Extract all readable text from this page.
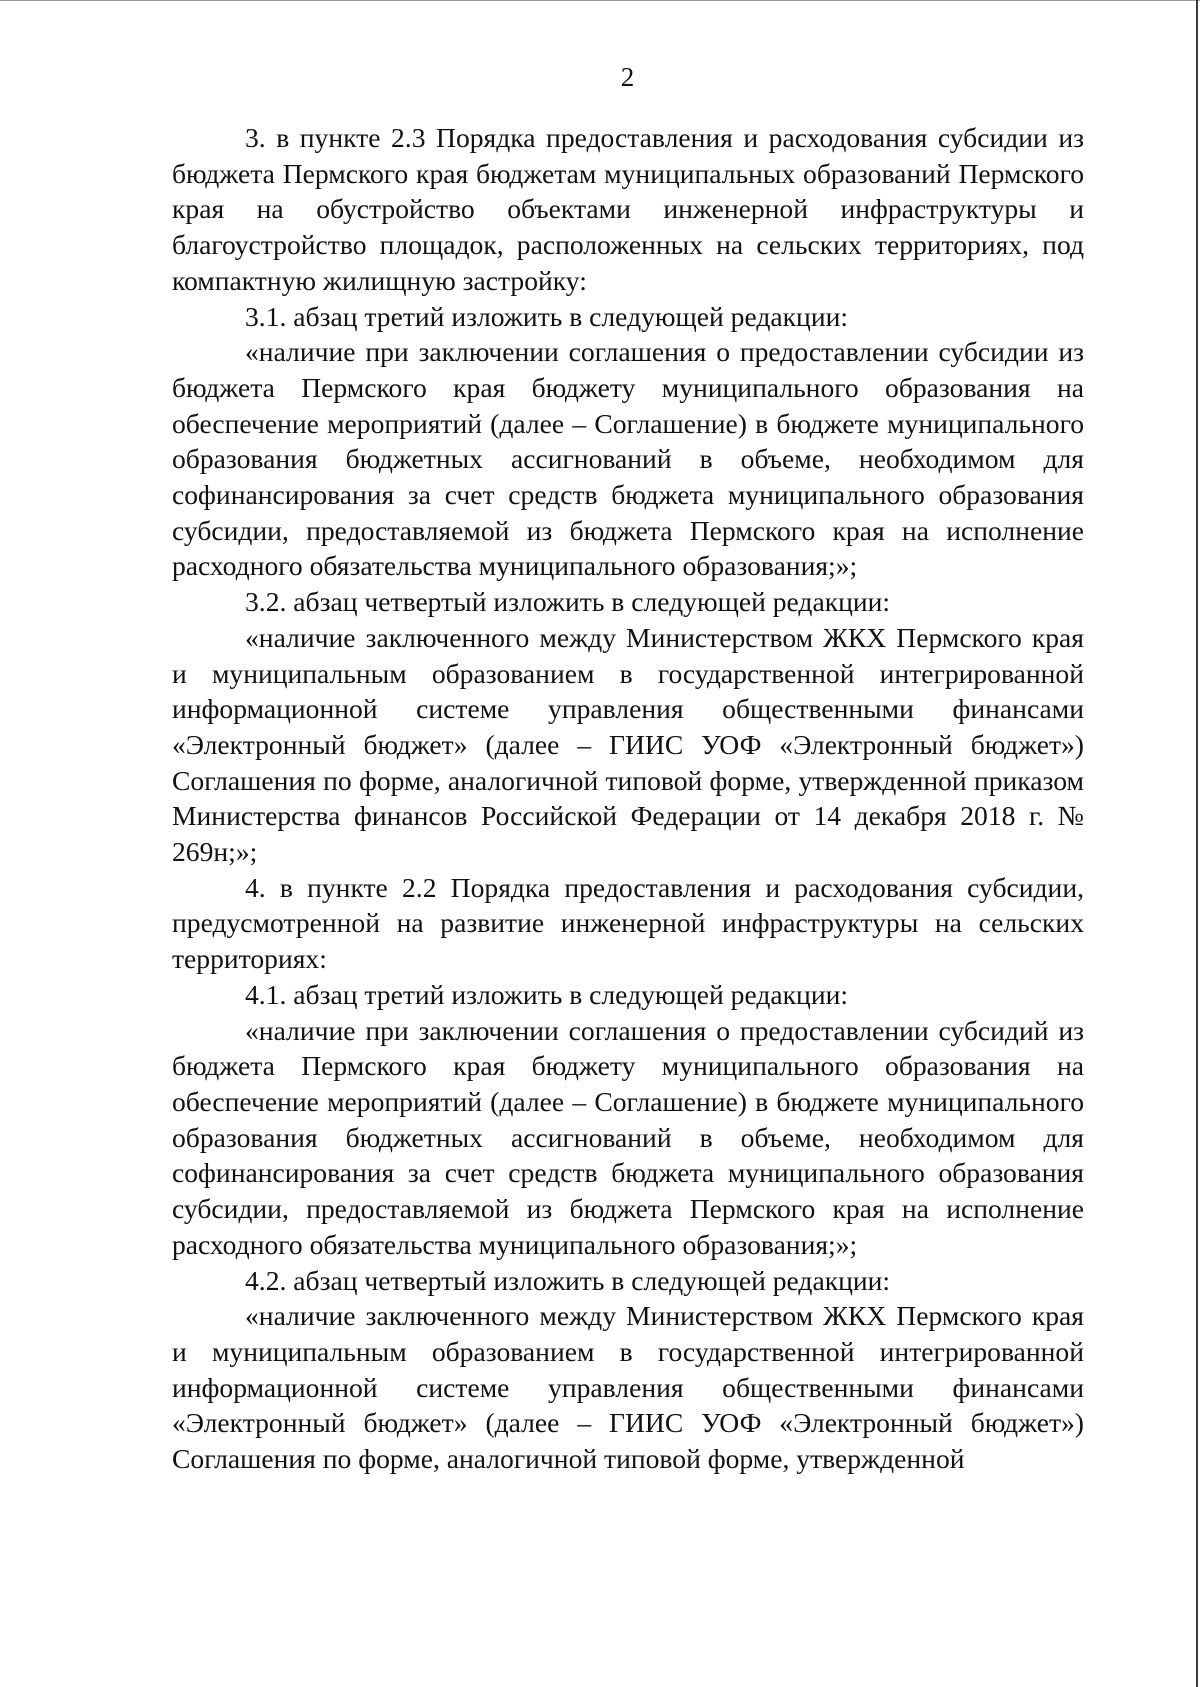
2

3. в пункте 2.3 Порядка предоставления и расходования субсидии из бюджета Пермского края бюджетам муниципальных образований Пермского края на обустройство объектами инженерной инфраструктуры и благоустройство площадок, расположенных на сельских территориях, под компактную жилищную застройку:

3.1. абзац третий изложить в следующей редакции:

«наличие при заключении соглашения о предоставлении субсидии из бюджета Пермского края бюджету муниципального образования на обеспечение мероприятий (далее – Соглашение) в бюджете муниципального образования бюджетных ассигнований в объеме, необходимом для софинансирования за счет средств бюджета муниципального образования субсидии, предоставляемой из бюджета Пермского края на исполнение расходного обязательства муниципального образования;»;

3.2. абзац четвертый изложить в следующей редакции:

«наличие заключенного между Министерством ЖКХ Пермского края и муниципальным образованием в государственной интегрированной информационной системе управления общественными финансами «Электронный бюджет» (далее – ГИИС УОФ «Электронный бюджет») Соглашения по форме, аналогичной типовой форме, утвержденной приказом Министерства финансов Российской Федерации от 14 декабря 2018 г. № 269н;»;

4. в пункте 2.2 Порядка предоставления и расходования субсидии, предусмотренной на развитие инженерной инфраструктуры на сельских территориях:

4.1. абзац третий изложить в следующей редакции:

«наличие при заключении соглашения о предоставлении субсидий из бюджета Пермского края бюджету муниципального образования на обеспечение мероприятий (далее – Соглашение) в бюджете муниципального образования бюджетных ассигнований в объеме, необходимом для софинансирования за счет средств бюджета муниципального образования субсидии, предоставляемой из бюджета Пермского края на исполнение расходного обязательства муниципального образования;»;

4.2. абзац четвертый изложить в следующей редакции:

«наличие заключенного между Министерством ЖКХ Пермского края и муниципальным образованием в государственной интегрированной информационной системе управления общественными финансами «Электронный бюджет» (далее – ГИИС УОФ «Электронный бюджет») Соглашения по форме, аналогичной типовой форме, утвержденной
